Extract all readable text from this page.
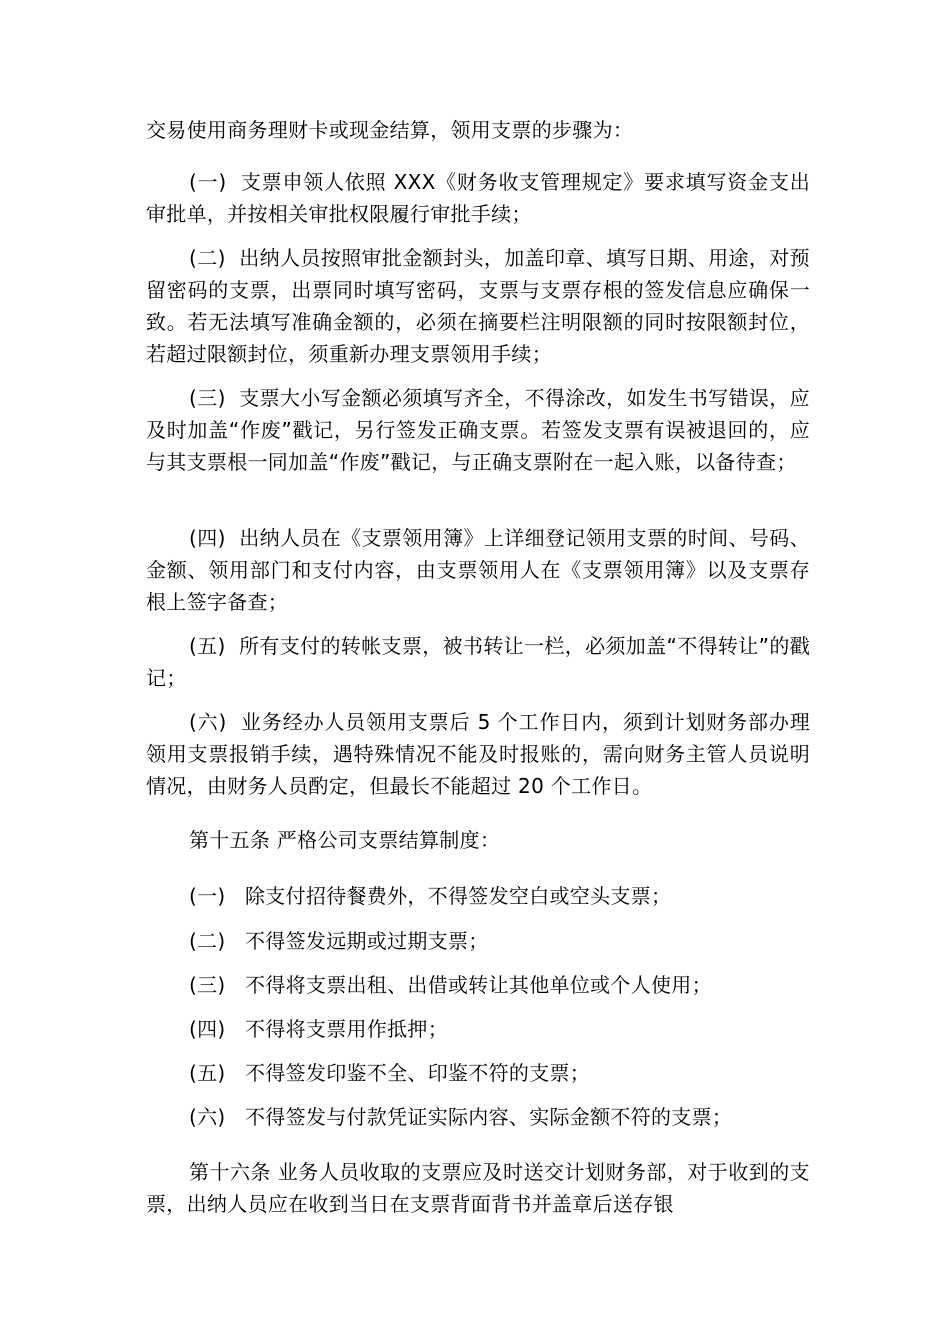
交易使用商务理财卡或现金结算，领用支票的步骤为：

(一) 支票申领人依照 XXX《财务收支管理规定》要求填写资金支出审批单，并按相关审批权限履行审批手续；

(二) 出纳人员按照审批金额封头，加盖印章、填写日期、用途，对预留密码的支票，出票同时填写密码，支票与支票存根的签发信息应确保一致。若无法填写准确金额的，必须在摘要栏注明限额的同时按限额封位，若超过限额封位，须重新办理支票领用手续；

(三) 支票大小写金额必须填写齐全，不得涂改，如发生书写错误，应及时加盖“作废”戳记，另行签发正确支票。若签发支票有误被退回的，应与其支票根一同加盖“作废”戳记，与正确支票附在一起入账，以备待查；

(四) 出纳人员在《支票领用簿》上详细登记领用支票的时间、号码、金额、领用部门和支付内容，由支票领用人在《支票领用簿》以及支票存根上签字备查；

(五) 所有支付的转帐支票，被书转让一栏，必须加盖“不得转让”的戳记；

(六) 业务经办人员领用支票后 5 个工作日内，须到计划财务部办理领用支票报销手续，遇特殊情况不能及时报账的，需向财务主管人员说明情况，由财务人员酌定，但最长不能超过 20 个工作日。

第十五条 严格公司支票结算制度：

(一) 除支付招待餐费外，不得签发空白或空头支票；

(二) 不得签发远期或过期支票；

(三) 不得将支票出租、出借或转让其他单位或个人使用；

(四) 不得将支票用作抵押；

(五) 不得签发印鉴不全、印鉴不符的支票；

(六) 不得签发与付款凭证实际内容、实际金额不符的支票；

第十六条 业务人员收取的支票应及时送交计划财务部，对于收到的支票，出纳人员应在收到当日在支票背面背书并盖章后送存银
